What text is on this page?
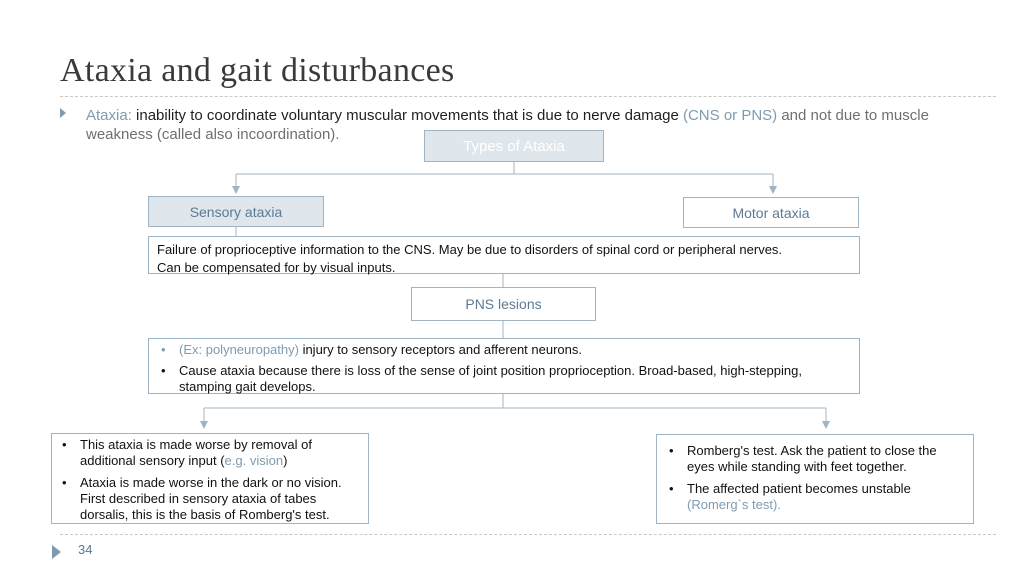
Ataxia and gait disturbances
Ataxia: inability to coordinate voluntary muscular movements that is due to nerve damage (CNS or PNS) and not due to muscle weakness (called also incoordination).
Types of Ataxia
Sensory ataxia	Motor ataxia
Failure of proprioceptive information to the CNS. May be due to disorders of spinal cord or peripheral nerves.
Can be compensated for by visual inputs.
PNS lesions
• (Ex: polyneuropathy) injury to sensory receptors and afferent neurons.
• Cause ataxia because there is loss of the sense of joint position proprioception. Broad-based, high-stepping, stamping gait develops.
• This ataxia is made worse by removal of additional sensory input (e.g. vision)
• Ataxia is made worse in the dark or no vision. First described in sensory ataxia of tabes dorsalis, this is the basis of Romberg's test.
• Romberg's test. Ask the patient to close the eyes while standing with feet together.
• The affected patient becomes unstable (Romerg`s test).
34
